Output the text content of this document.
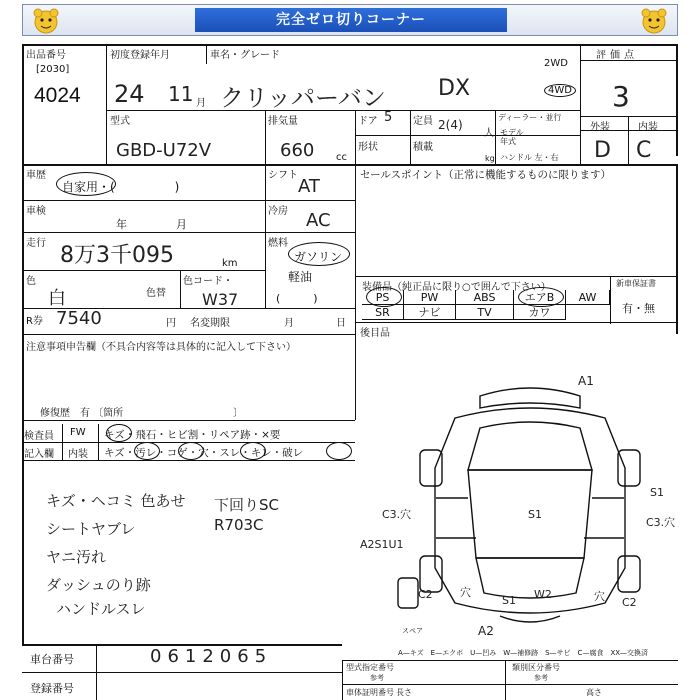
完全ゼロ切りコーナー
出品番号
[2030]
4024
初度登録年月	車名・グレード
24 11 月 クリッパーバン DX
2WD
4WD
評価点
3
外装	内装
D C
型式
GBD-U72V
排気量
660 cc
ドア 5 定員 2(4)
人
ディーラー・並行
形状	積載
kg
モデル年式
ハンドル 左・右
車歴
自家用・(　　　　　)
シフト
AT
車検
年	月
冷房 AC
走行 8万3千095	km
燃料
ガソリン
軽油
(　　　)
色
白	色替
色コード・
W37
R券 7540	円 名変期限	月	日
セールスポイント（正常に機能するものに限ります）
装備品（純正品に限り○で囲んで下さい）	新車保証書
有・無
PS	PW	ABS	エアB	AW
SR	ナビ	TV	カワ
後目品
注意事項申告欄（不具合内容等は具体的に記入して下さい）
修復歴　有 〔箇所　　　　　　　　　　　〕
検査員
記入欄
FW キズ・飛石・ヒビ割・リペア跡・×要
内装 キズ・汚レ・コゲ・穴・スレ・キレ・破レ
キズ・ヘコミ 色あせ
シートヤブレ
ヤニ汚れ
ダッシュのり跡
ハンドルスレ
下回りSC
R703C
A1
S1
S1
C3.穴
C3.穴
A2S1U1
C2
C2
穴	穴
S1 W2
A2
スペア
車台番号	0612065
登録番号
A—キズ　E—エクボ　U—凹み　W—補修跡　S—サビ　C—腐食　XX—交換済
型式指定番号
参考
類別区分番号
参考
車体証明番号 長さ	高さ
